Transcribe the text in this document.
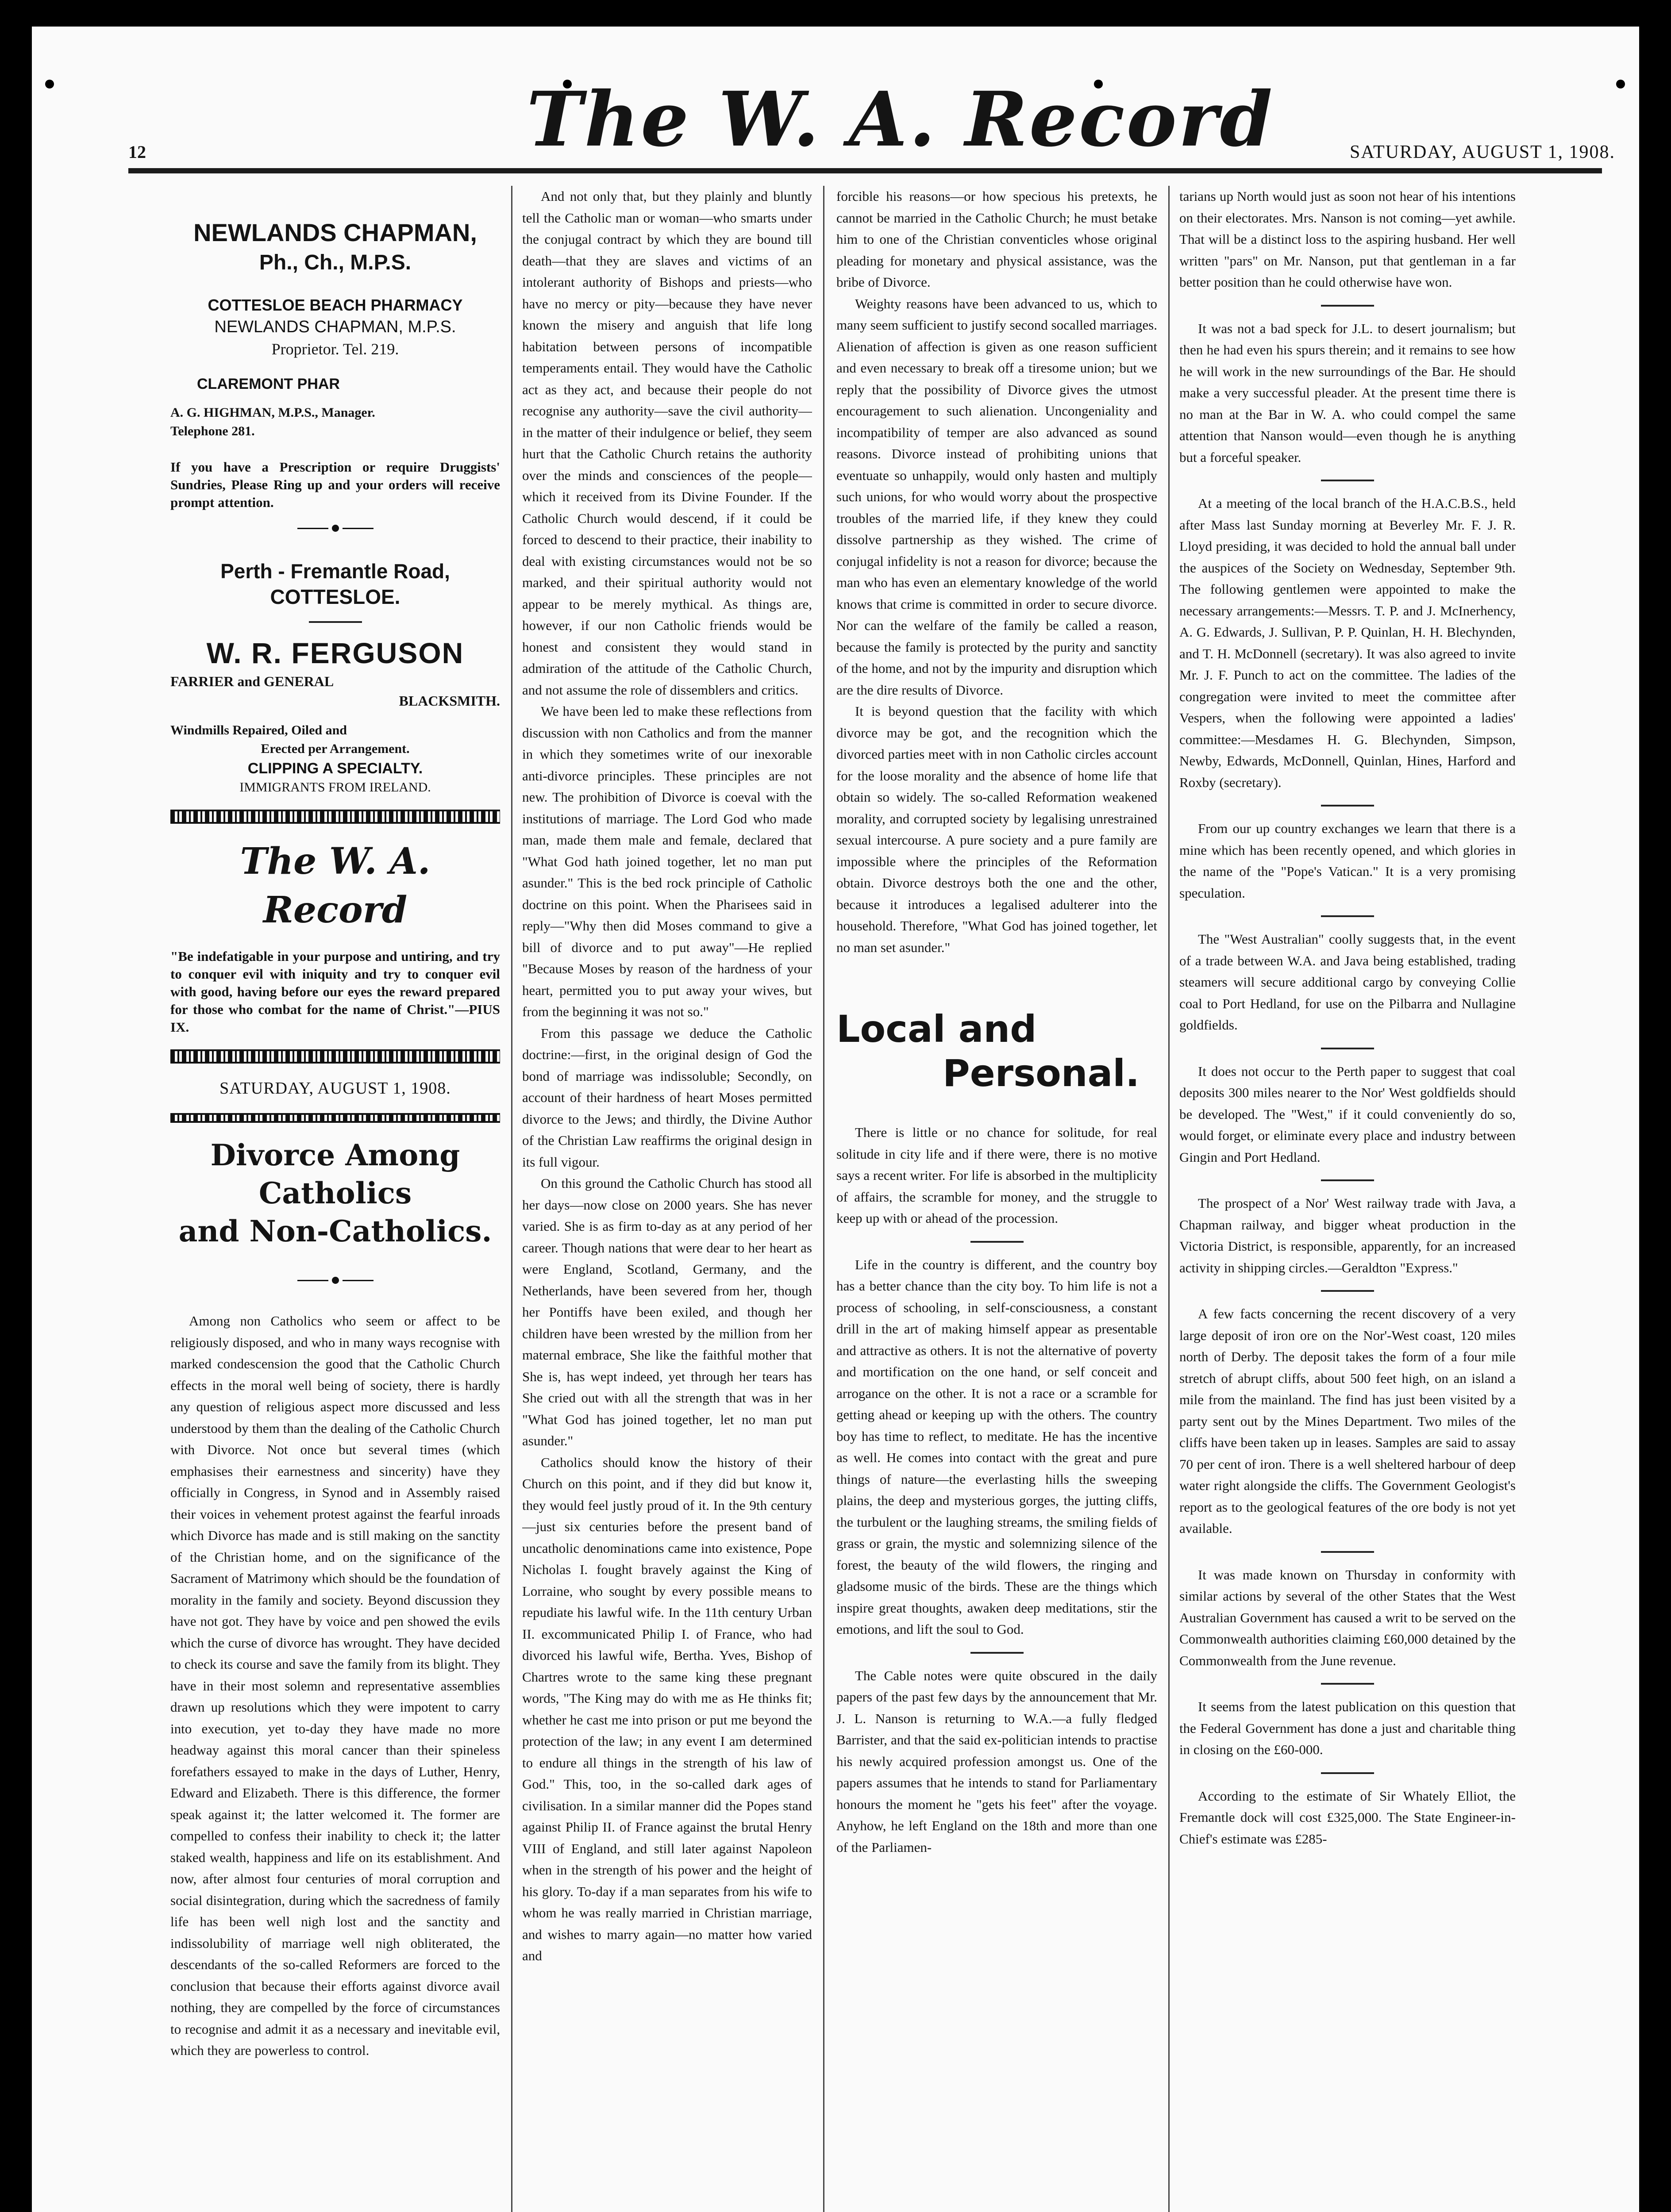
12	The W. A. Record	SATURDAY, AUGUST 1, 1908.

NEWLANDS CHAPMAN,

Ph., Ch., M.P.S.

COTTESLOE BEACH PHARMACY

NEWLANDS CHAPMAN, M.P.S.

Proprietor. Tel. 219.

CLAREMONT PHAR

A. G. HIGHMAN, M.P.S., Manager.

Telephone 281.

If you have a Prescription or require Druggists' Sundries, Please Ring up and your orders will receive prompt attention.

Perth - Fremantle Road,

COTTESLOE.

W. R. FERGUSON

FARRIER and GENERAL

BLACKSMITH.

Windmills Repaired, Oiled and

Erected per Arrangement.

CLIPPING A SPECIALTY.

IMMIGRANTS FROM IRELAND.

The W. A. Record

"Be indefatigable in your purpose and untiring, and try to conquer evil with iniquity and try to conquer evil with good, having before our eyes the reward prepared for those who combat for the name of Christ."—PIUS IX.

SATURDAY, AUGUST 1, 1908.

Divorce Among Catholics

and Non-Catholics.

Among non Catholics who seem or affect to be religiously disposed, and who in many ways recognise with marked condescension the good that the Catholic Church effects in the moral well being of society, there is hardly any question of religious aspect more discussed and less understood by them than the dealing of the Catholic Church with Divorce. Not once but several times (which emphasises their earnestness and sincerity) have they officially in Congress, in Synod and in Assembly raised their voices in vehement protest against the fearful inroads which Divorce has made and is still making on the sanctity of the Christian home, and on the significance of the Sacrament of Matrimony which should be the foundation of morality in the family and society. Beyond discussion they have not got. They have by voice and pen showed the evils which the curse of divorce has wrought. They have decided to check its course and save the family from its blight. They have in their most solemn and representative assemblies drawn up resolutions which they were impotent to carry into execution, yet to-day they have made no more headway against this moral cancer than their spineless forefathers essayed to make in the days of Luther, Henry, Edward and Elizabeth. There is this difference, the former speak against it; the latter welcomed it. The former are compelled to confess their inability to check it; the latter staked wealth, happiness and life on its establishment. And now, after almost four centuries of moral corruption and social disintegration, during which the sacredness of family life has been well nigh lost and the sanctity and indissolubility of marriage well nigh obliterated, the descendants of the so-called Reformers are forced to the conclusion that because their efforts against divorce avail nothing, they are compelled by the force of circumstances to recognise and admit it as a necessary and inevitable evil, which they are powerless to control.

And not only that, but they plainly and bluntly tell the Catholic man or woman—who smarts under the conjugal contract by which they are bound till death—that they are slaves and victims of an intolerant authority of Bishops and priests—who have no mercy or pity—because they have never known the misery and anguish that life long habitation between persons of incompatible temperaments entail. They would have the Catholic act as they act, and because their people do not recognise any authority—save the civil authority—in the matter of their indulgence or belief, they seem hurt that the Catholic Church retains the authority over the minds and consciences of the people—which it received from its Divine Founder. If the Catholic Church would descend, if it could be forced to descend to their practice, their inability to deal with existing circumstances would not be so marked, and their spiritual authority would not appear to be merely mythical. As things are, however, if our non Catholic friends would be honest and consistent they would stand in admiration of the attitude of the Catholic Church, and not assume the role of dissemblers and critics.

We have been led to make these reflections from discussion with non Catholics and from the manner in which they sometimes write of our inexorable anti-divorce principles. These principles are not new. The prohibition of Divorce is coeval with the institutions of marriage. The Lord God who made man, made them male and female, declared that "What God hath joined together, let no man put asunder." This is the bed rock principle of Catholic doctrine on this point. When the Pharisees said in reply—"Why then did Moses command to give a bill of divorce and to put away"—He replied "Because Moses by reason of the hardness of your heart, permitted you to put away your wives, but from the beginning it was not so."

From this passage we deduce the Catholic doctrine:—first, in the original design of God the bond of marriage was indissoluble; Secondly, on account of their hardness of heart Moses permitted divorce to the Jews; and thirdly, the Divine Author of the Christian Law reaffirms the original design in its full vigour.

On this ground the Catholic Church has stood all her days—now close on 2000 years. She has never varied. She is as firm to-day as at any period of her career. Though nations that were dear to her heart as were England, Scotland, Germany, and the Netherlands, have been severed from her, though her Pontiffs have been exiled, and though her children have been wrested by the million from her maternal embrace, She like the faithful mother that She is, has wept indeed, yet through her tears has She cried out with all the strength that was in her "What God has joined together, let no man put asunder."

Catholics should know the history of their Church on this point, and if they did but know it, they would feel justly proud of it. In the 9th century—just six centuries before the present band of uncatholic denominations came into existence, Pope Nicholas I. fought bravely against the King of Lorraine, who sought by every possible means to repudiate his lawful wife. In the 11th century Urban II. excommunicated Philip I. of France, who had divorced his lawful wife, Bertha. Yves, Bishop of Chartres wrote to the same king these pregnant words, "The King may do with me as He thinks fit; whether he cast me into prison or put me beyond the protection of the law; in any event I am determined to endure all things in the strength of his law of God." This, too, in the so-called dark ages of civilisation. In a similar manner did the Popes stand against Philip II. of France against the brutal Henry VIII of England, and still later against Napoleon when in the strength of his power and the height of his glory. To-day if a man separates from his wife to whom he was really married in Christian marriage, and wishes to marry again—no matter how varied and

forcible his reasons—or how specious his pretexts, he cannot be married in the Catholic Church; he must betake him to one of the Christian conventicles whose original pleading for monetary and physical assistance, was the bribe of Divorce.

Weighty reasons have been advanced to us, which to many seem sufficient to justify second socalled marriages. Alienation of affection is given as one reason sufficient and even necessary to break off a tiresome union; but we reply that the possibility of Divorce gives the utmost encouragement to such alienation. Uncongeniality and incompatibility of temper are also advanced as sound reasons. Divorce instead of prohibiting unions that eventuate so unhappily, would only hasten and multiply such unions, for who would worry about the prospective troubles of the married life, if they knew they could dissolve partnership as they wished. The crime of conjugal infidelity is not a reason for divorce; because the man who has even an elementary knowledge of the world knows that crime is committed in order to secure divorce. Nor can the welfare of the family be called a reason, because the family is protected by the purity and sanctity of the home, and not by the impurity and disruption which are the dire results of Divorce.

It is beyond question that the facility with which divorce may be got, and the recognition which the divorced parties meet with in non Catholic circles account for the loose morality and the absence of home life that obtain so widely. The so-called Reformation weakened morality, and corrupted society by legalising unrestrained sexual intercourse. A pure society and a pure family are impossible where the principles of the Reformation obtain. Divorce destroys both the one and the other, because it introduces a legalised adulterer into the household. Therefore, "What God has joined together, let no man set asunder."

Local and
Personal.

There is little or no chance for solitude, for real solitude in city life and if there were, there is no motive says a recent writer. For life is absorbed in the multiplicity of affairs, the scramble for money, and the struggle to keep up with or ahead of the procession.

Life in the country is different, and the country boy has a better chance than the city boy. To him life is not a process of schooling, in self-consciousness, a constant drill in the art of making himself appear as presentable and attractive as others. It is not the alternative of poverty and mortification on the one hand, or self conceit and arrogance on the other. It is not a race or a scramble for getting ahead or keeping up with the others. The country boy has time to reflect, to meditate. He has the incentive as well. He comes into contact with the great and pure things of nature—the everlasting hills the sweeping plains, the deep and mysterious gorges, the jutting cliffs, the turbulent or the laughing streams, the smiling fields of grass or grain, the mystic and solemnizing silence of the forest, the beauty of the wild flowers, the ringing and gladsome music of the birds. These are the things which inspire great thoughts, awaken deep meditations, stir the emotions, and lift the soul to God.

The Cable notes were quite obscured in the daily papers of the past few days by the announcement that Mr. J. L. Nanson is returning to W.A.—a fully fledged Barrister, and that the said ex-politician intends to practise his newly acquired profession amongst us. One of the papers assumes that he intends to stand for Parliamentary honours the moment he "gets his feet" after the voyage. Anyhow, he left England on the 18th and more than one of the Parliamen-

tarians up North would just as soon not hear of his intentions on their electorates. Mrs. Nanson is not coming—yet awhile. That will be a distinct loss to the aspiring husband. Her well written "pars" on Mr. Nanson, put that gentleman in a far better position than he could otherwise have won.

It was not a bad speck for J.L. to desert journalism; but then he had even his spurs therein; and it remains to see how he will work in the new surroundings of the Bar. He should make a very successful pleader. At the present time there is no man at the Bar in W. A. who could compel the same attention that Nanson would—even though he is anything but a forceful speaker.

At a meeting of the local branch of the H.A.C.B.S., held after Mass last Sunday morning at Beverley Mr. F. J. R. Lloyd presiding, it was decided to hold the annual ball under the auspices of the Society on Wednesday, September 9th. The following gentlemen were appointed to make the necessary arrangements:—Messrs. T. P. and J. McInerhency, A. G. Edwards, J. Sullivan, P. P. Quinlan, H. H. Blechynden, and T. H. McDonnell (secretary). It was also agreed to invite Mr. J. F. Punch to act on the committee. The ladies of the congregation were invited to meet the committee after Vespers, when the following were appointed a ladies' committee:—Mesdames H. G. Blechynden, Simpson, Newby, Edwards, McDonnell, Quinlan, Hines, Harford and Roxby (secretary).

From our up country exchanges we learn that there is a mine which has been recently opened, and which glories in the name of the "Pope's Vatican." It is a very promising speculation.

The "West Australian" coolly suggests that, in the event of a trade between W.A. and Java being established, trading steamers will secure additional cargo by conveying Collie coal to Port Hedland, for use on the Pilbarra and Nullagine goldfields.

It does not occur to the Perth paper to suggest that coal deposits 300 miles nearer to the Nor' West goldfields should be developed. The "West," if it could conveniently do so, would forget, or eliminate every place and industry between Gingin and Port Hedland.

The prospect of a Nor' West railway trade with Java, a Chapman railway, and bigger wheat production in the Victoria District, is responsible, apparently, for an increased activity in shipping circles.—Geraldton "Express."

A few facts concerning the recent discovery of a very large deposit of iron ore on the Nor'-West coast, 120 miles north of Derby. The deposit takes the form of a four mile stretch of abrupt cliffs, about 500 feet high, on an island a mile from the mainland. The find has just been visited by a party sent out by the Mines Department. Two miles of the cliffs have been taken up in leases. Samples are said to assay 70 per cent of iron. There is a well sheltered harbour of deep water right alongside the cliffs. The Government Geologist's report as to the geological features of the ore body is not yet available.

It was made known on Thursday in conformity with similar actions by several of the other States that the West Australian Government has caused a writ to be served on the Commonwealth authorities claiming £60,000 detained by the Commonwealth from the June revenue.

It seems from the latest publication on this question that the Federal Government has done a just and charitable thing in closing on the £60-000.

According to the estimate of Sir Whately Elliot, the Fremantle dock will cost £325,000. The State Engineer-in-Chief's estimate was £285-
